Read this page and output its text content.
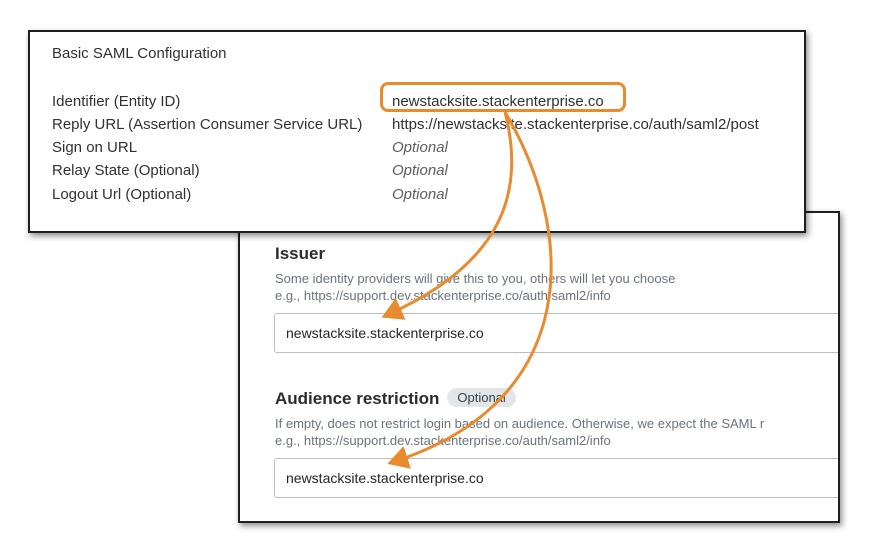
Issuer
Some identity providers will give this to you, others will let you choose
e.g., https://support.dev.stackenterprise.co/auth/saml2/info
newstacksite.stackenterprise.co
Audience restriction Optional
If empty, does not restrict login based on audience. Otherwise, we expect the SAML r
e.g., https://support.dev.stackenterprise.co/auth/saml2/info
newstacksite.stackenterprise.co
Basic SAML Configuration
Identifier (Entity ID)	newstacksite.stackenterprise.co
Reply URL (Assertion Consumer Service URL) https://newstacksite.stackenterprise.co/auth/saml2/post
Sign on URL	Optional
Relay State (Optional)	Optional
Logout Url (Optional)	Optional
